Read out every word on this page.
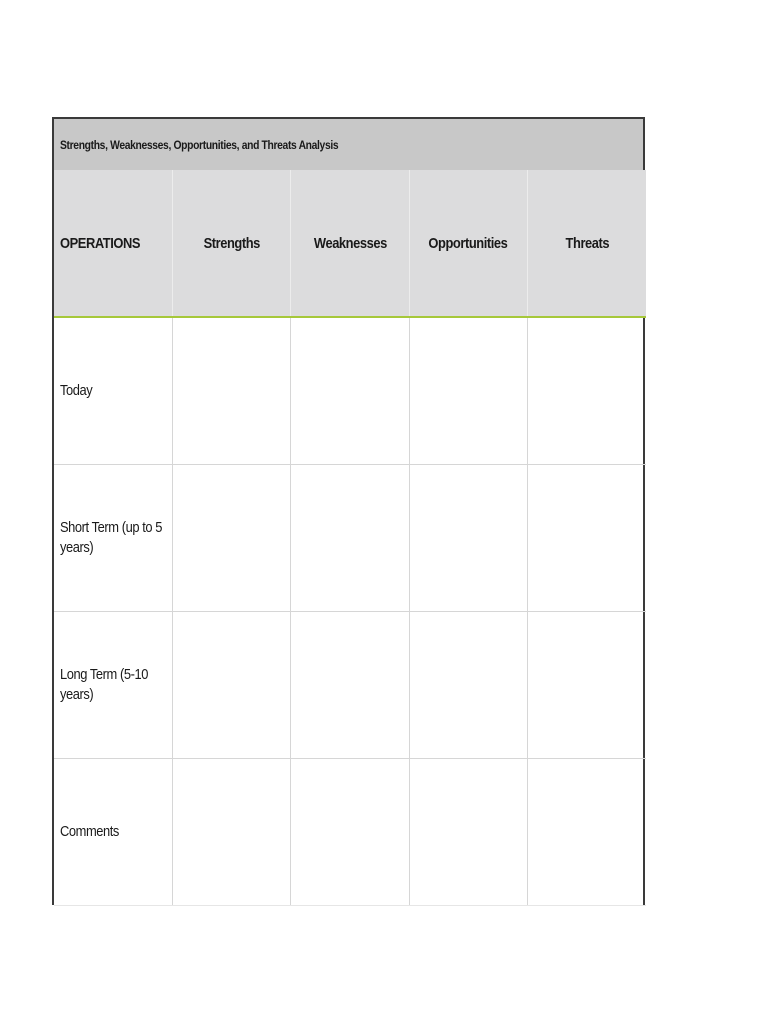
Strengths, Weaknesses, Opportunities, and Threats Analysis
OPERATIONS	Strengths	Weaknesses	Opportunities	Threats
Today				
Short Term (up to 5 years)				
Long Term (5-10 years)				
Comments				
